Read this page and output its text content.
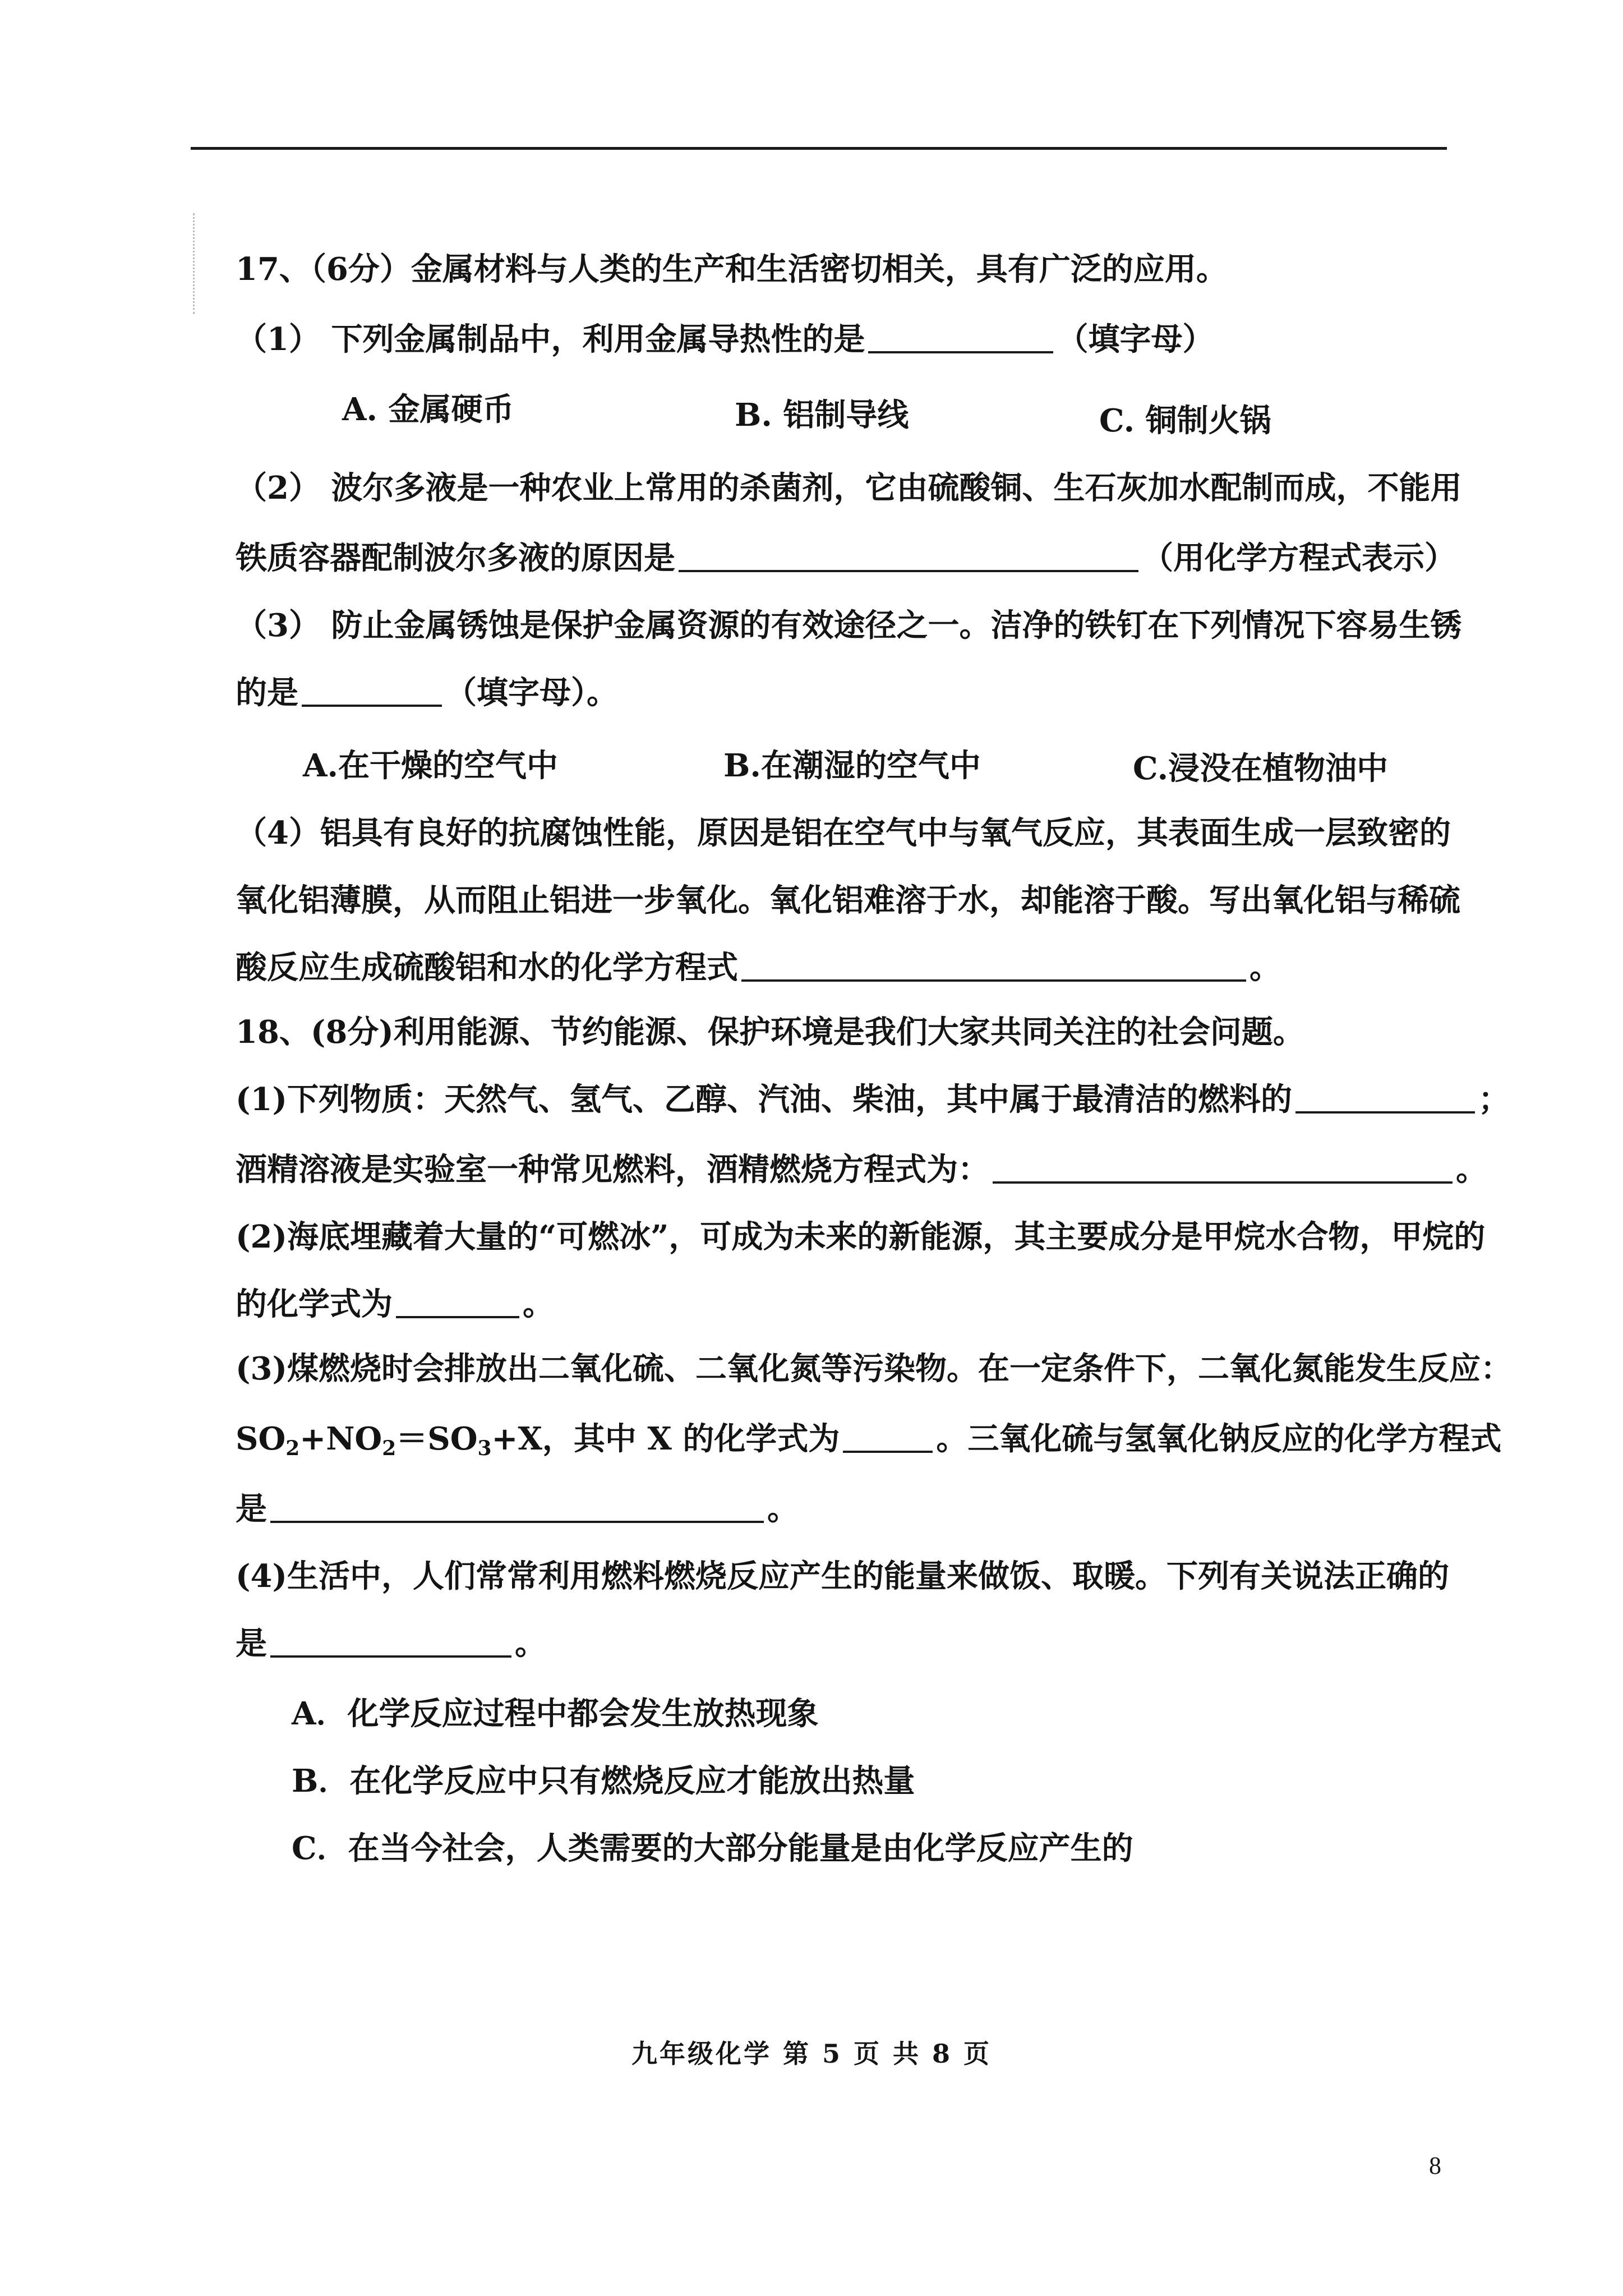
17、（6分）金属材料与人类的生产和生活密切相关，具有广泛的应用。
（1） 下列金属制品中，利用金属导热性的是	（填字母）
A. 金属硬币	B. 铝制导线	C. 铜制火锅
（2） 波尔多液是一种农业上常用的杀菌剂，它由硫酸铜、生石灰加水配制而成，不能用
铁质容器配制波尔多液的原因是	（用化学方程式表示）
（3） 防止金属锈蚀是保护金属资源的有效途径之一。洁净的铁钉在下列情况下容易生锈
的是	（填字母）。
A.在干燥的空气中	B.在潮湿的空气中	C.浸没在植物油中
（4）铝具有良好的抗腐蚀性能，原因是铝在空气中与氧气反应，其表面生成一层致密的
氧化铝薄膜，从而阻止铝进一步氧化。氧化铝难溶于水，却能溶于酸。写出氧化铝与稀硫
酸反应生成硫酸铝和水的化学方程式	。
18、(8分)利用能源、节约能源、保护环境是我们大家共同关注的社会问题。
(1)下列物质：天然气、氢气、乙醇、汽油、柴油，其中属于最清洁的燃料的	；
酒精溶液是实验室一种常见燃料，酒精燃烧方程式为：	。
(2)海底埋藏着大量的“可燃冰”，可成为未来的新能源，其主要成分是甲烷水合物，甲烷的
的化学式为	。
(3)煤燃烧时会排放出二氧化硫、二氧化氮等污染物。在一定条件下，二氧化氮能发生反应：
$SO_2+NO_2=SO_3+X$，其中 X 的化学式为	。三氧化硫与氢氧化钠反应的化学方程式
是	。
(4)生活中，人们常常利用燃料燃烧反应产生的能量来做饭、取暖。下列有关说法正确的
是	。
A．化学反应过程中都会发生放热现象
B．在化学反应中只有燃烧反应才能放出热量
C．在当今社会，人类需要的大部分能量是由化学反应产生的
九年级化学 第 5 页 共 8 页
8
